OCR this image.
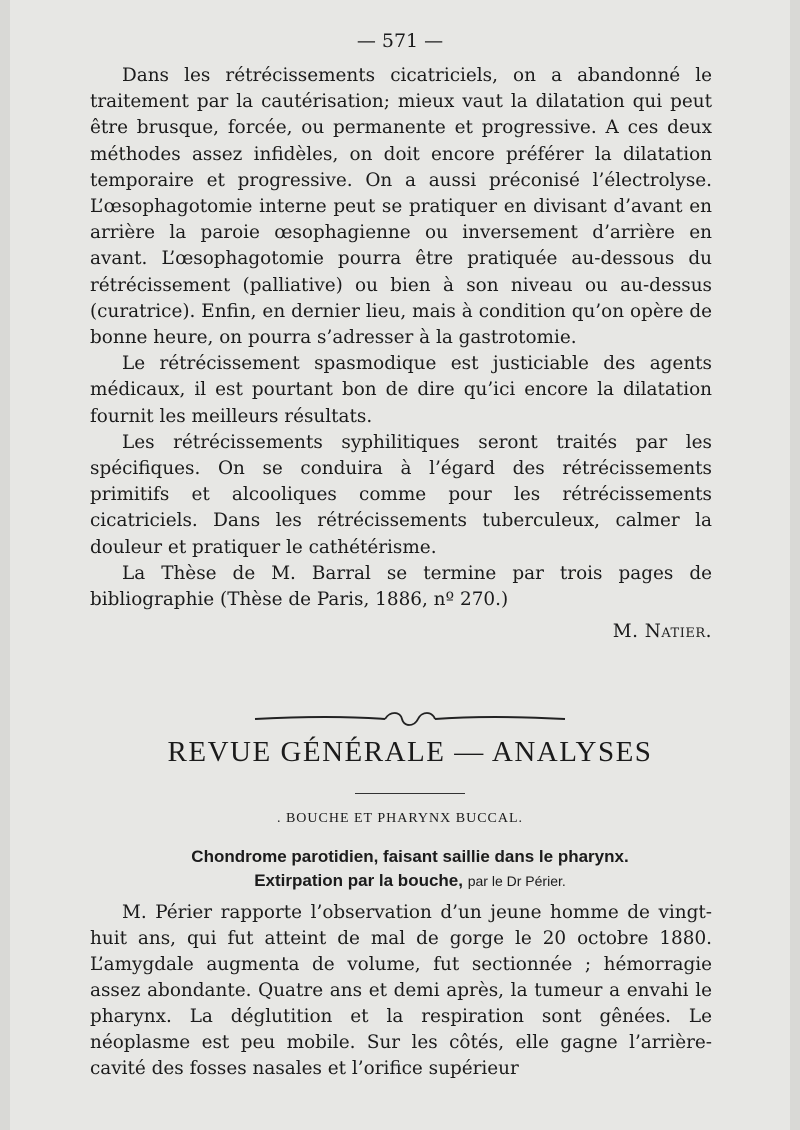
— 571 —

Dans les rétrécissements cicatriciels, on a abandonné le traitement par la cautérisation; mieux vaut la dilatation qui peut être brusque, forcée, ou permanente et progressive. A ces deux méthodes assez infidèles, on doit encore préférer la dilatation temporaire et progressive. On a aussi préconisé l’électrolyse. L’œsophagotomie interne peut se pratiquer en divisant d’avant en arrière la paroie œsophagienne ou inversement d’arrière en avant. L’œsophagotomie pourra être pratiquée au-dessous du rétrécissement (palliative) ou bien à son niveau ou au-dessus (curatrice). Enfin, en dernier lieu, mais à condition qu’on opère de bonne heure, on pourra s’adresser à la gastrotomie.

Le rétrécissement spasmodique est justiciable des agents médicaux, il est pourtant bon de dire qu’ici encore la dilatation fournit les meilleurs résultats.

Les rétrécissements syphilitiques seront traités par les spécifiques. On se conduira à l’égard des rétrécissements primitifs et alcooliques comme pour les rétrécissements cicatriciels. Dans les rétrécissements tuberculeux, calmer la douleur et pratiquer le cathétérisme.

La Thèse de M. Barral se termine par trois pages de bibliographie (Thèse de Paris, 1886, nº 270.)

M. Natier.

REVUE GÉNÉRALE — ANALYSES
. BOUCHE ET PHARYNX BUCCAL.
Chondrome parotidien, faisant saillie dans le pharynx.
Extirpation par la bouche, par le Dr Périer.

M. Périer rapporte l’observation d’un jeune homme de vingt-huit ans, qui fut atteint de mal de gorge le 20 octobre 1880. L’amygdale augmenta de volume, fut sectionnée ; hémorragie assez abondante. Quatre ans et demi après, la tumeur a envahi le pharynx. La déglutition et la respiration sont gênées. Le néoplasme est peu mobile. Sur les côtés, elle gagne l’arrière-cavité des fosses nasales et l’orifice supérieur
